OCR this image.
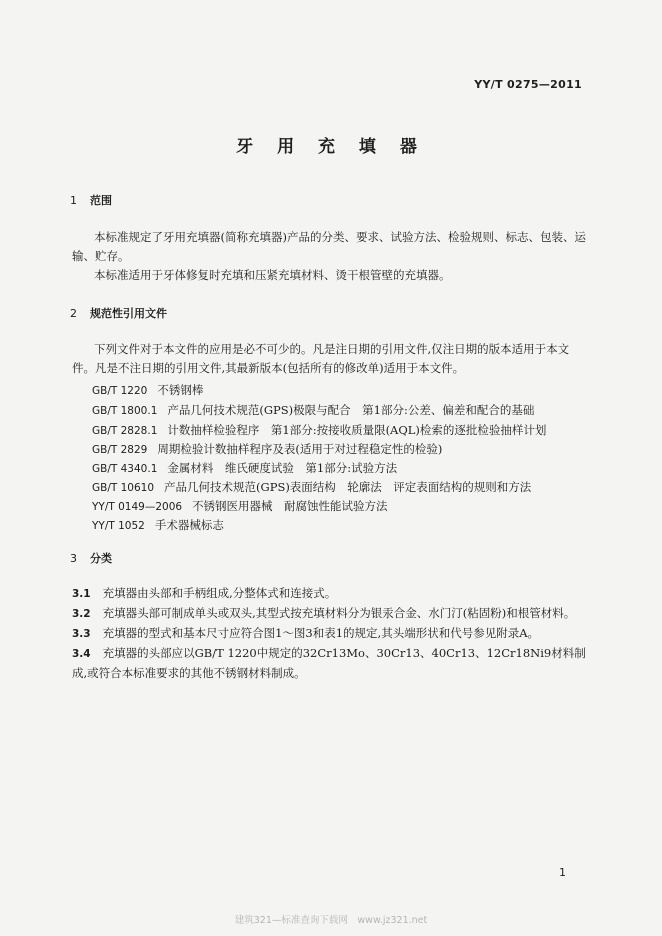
YY/T 0275—2011
牙 用 充 填 器
1 范围
本标准规定了牙用充填器(简称充填器)产品的分类、要求、试验方法、检验规则、标志、包装、运输、贮存。
本标准适用于牙体修复时充填和压紧充填材料、烫干根管壁的充填器。
2 规范性引用文件
下列文件对于本文件的应用是必不可少的。凡是注日期的引用文件,仅注日期的版本适用于本文件。凡是不注日期的引用文件,其最新版本(包括所有的修改单)适用于本文件。
GB/T 1220 不锈钢棒
GB/T 1800.1 产品几何技术规范(GPS)极限与配合　第1部分:公差、偏差和配合的基础
GB/T 2828.1 计数抽样检验程序　第1部分:按接收质量限(AQL)检索的逐批检验抽样计划
GB/T 2829 周期检验计数抽样程序及表(适用于对过程稳定性的检验)
GB/T 4340.1 金属材料　维氏硬度试验　第1部分:试验方法
GB/T 10610 产品几何技术规范(GPS)表面结构　轮廓法　评定表面结构的规则和方法
YY/T 0149—2006 不锈钢医用器械　耐腐蚀性能试验方法
YY/T 1052 手术器械标志
3 分类
3.1 充填器由头部和手柄组成,分整体式和连接式。
3.2 充填器头部可制成单头或双头,其型式按充填材料分为银汞合金、水门汀(粘固粉)和根管材料。
3.3 充填器的型式和基本尺寸应符合图1～图3和表1的规定,其头端形状和代号参见附录A。
3.4 充填器的头部应以GB/T 1220中规定的32Cr13Mo、30Cr13、40Cr13、12Cr18Ni9材料制成,或符合本标准要求的其他不锈钢材料制成。
1
建筑321—标准查询下载网　www.jz321.net
